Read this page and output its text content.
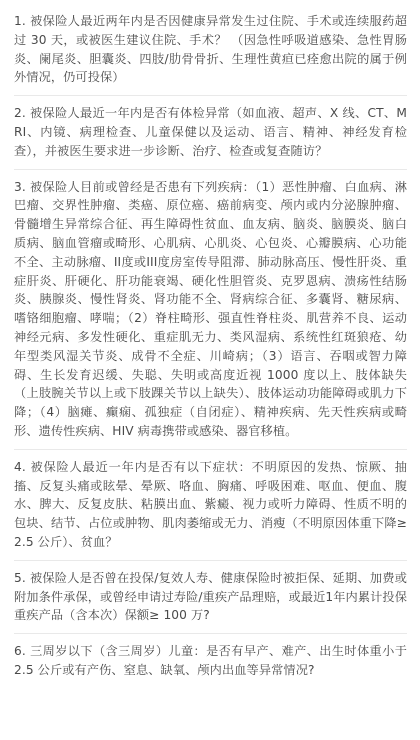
1. 被保险人最近两年内是否因健康异常发生过住院、手术或连续服药超过 30 天，或被医生建议住院、手术？ （因急性呼吸道感染、急性胃肠炎、阑尾炎、胆囊炎、四肢/肋骨骨折、生理性黄疸已痊愈出院的属于例外情况，仍可投保）

2. 被保险人最近一年内是否有体检异常（如血液、超声、X 线、CT、MRI、内镜、病理检查、儿童保健以及运动、语言、精神、神经发育检查），并被医生要求进一步诊断、治疗、检查或复查随访？

3. 被保险人目前或曾经是否患有下列疾病：（1）恶性肿瘤、白血病、淋巴瘤、交界性肿瘤、类癌、原位癌、癌前病变、颅内或内分泌腺肿瘤、骨髓增生异常综合征、再生障碍性贫血、血友病、脑炎、脑膜炎、脑白质病、脑血管瘤或畸形、心肌病、心肌炎、心包炎、心瓣膜病、心功能不全、主动脉瘤、II度或III度房室传导阻滞、肺动脉高压、慢性肝炎、重症肝炎、肝硬化、肝功能衰竭、硬化性胆管炎、克罗恩病、溃疡性结肠炎、胰腺炎、慢性肾炎、肾功能不全、肾病综合征、多囊肾、糖尿病、嗜铬细胞瘤、哮喘；（2）脊柱畸形、强直性脊柱炎、肌营养不良、运动神经元病、多发性硬化、重症肌无力、类风湿病、系统性红斑狼疮、幼年型类风湿关节炎、成骨不全症、川崎病；（3）语言、吞咽或智力障碍、生长发育迟缓、失聪、失明或高度近视 1000 度以上、肢体缺失（上肢腕关节以上或下肢踝关节以上缺失）、肢体运动功能障碍或肌力下降；（4）脑瘫、癫痫、孤独症（自闭症）、精神疾病、先天性疾病或畸形、遗传性疾病、HIV 病毒携带或感染、器官移植。

4. 被保险人最近一年内是否有以下症状：不明原因的发热、惊厥、抽搐、反复头痛或眩晕、晕厥、咯血、胸痛、呼吸困难、呕血、便血、腹水、脾大、反复皮肤、粘膜出血、紫癜、视力或听力障碍、性质不明的包块、结节、占位或肿物、肌肉萎缩或无力、消瘦（不明原因体重下降≥2.5 公斤）、贫血？

5. 被保险人是否曾在投保/复效人寿、健康保险时被拒保、延期、加费或附加条件承保，或曾经申请过寿险/重疾产品理赔，或最近1年内累计投保重疾产品（含本次）保额≥ 100 万?

6. 三周岁以下（含三周岁）儿童：是否有早产、难产、出生时体重小于 2.5 公斤或有产伤、窒息、缺氧、颅内出血等异常情况?
